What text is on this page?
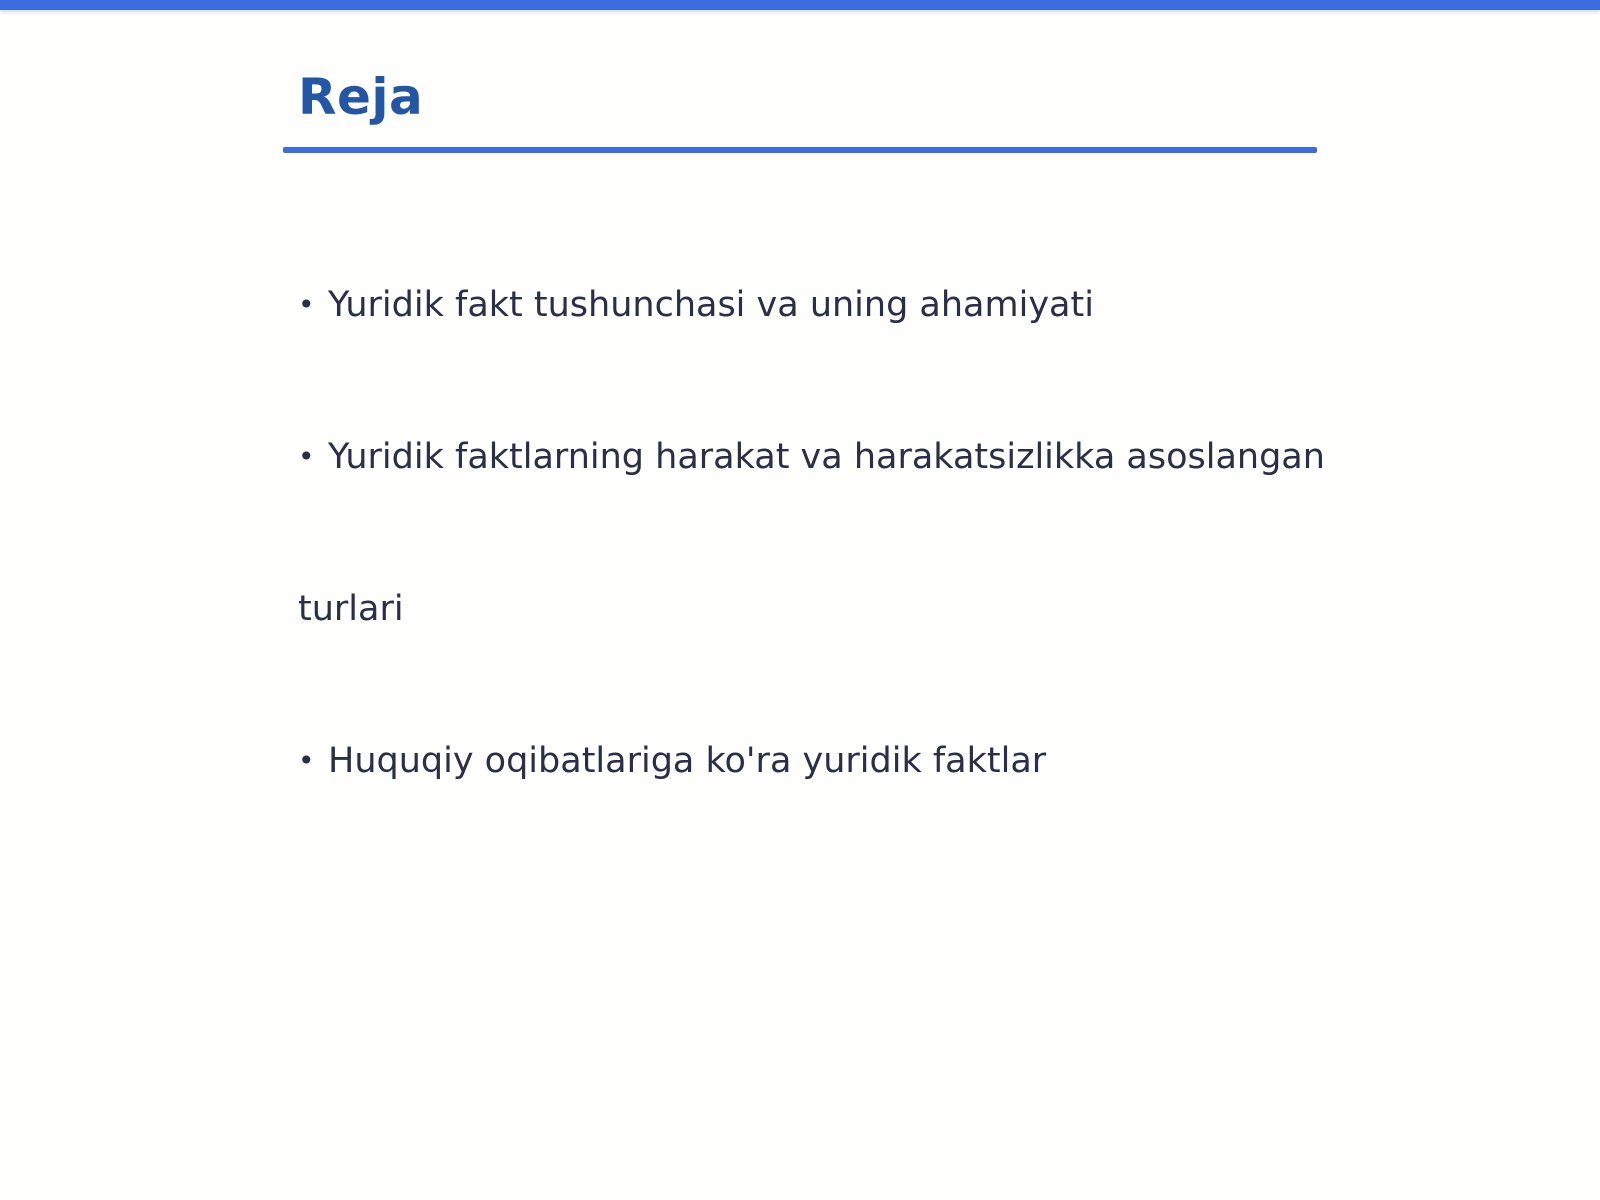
Reja
• Yuridik fakt tushunchasi va uning ahamiyati
• Yuridik faktlarning harakat va harakatsizlikka asoslangan
turlari
• Huquqiy oqibatlariga ko'ra yuridik faktlar
